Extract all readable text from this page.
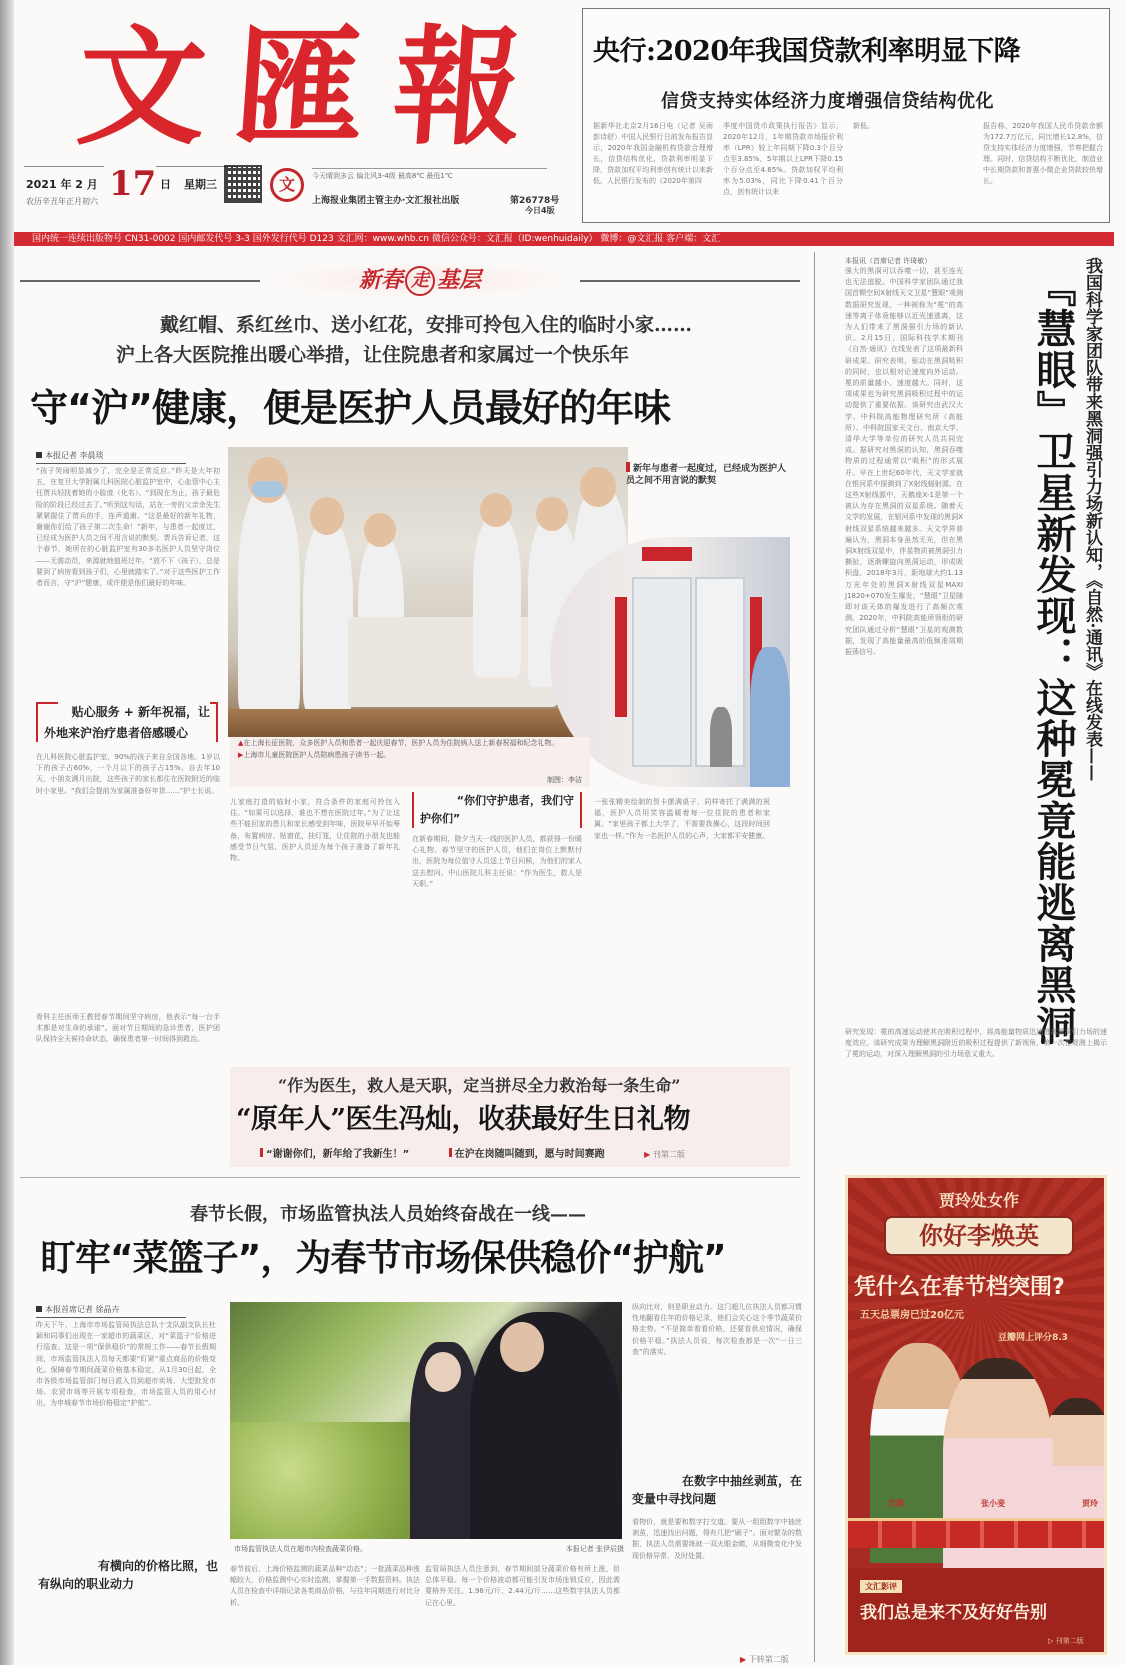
文 匯 報
2021 年 2 月 17 日 星期三
农历辛丑年正月初六
文	今天晴到多云 偏北风3-4级 最高8℃ 最低1℃
上海报业集团主管主办·文汇报社出版	第26778号
今日4版
央行:2020年我国贷款利率明显下降
信贷支持实体经济力度增强信贷结构优化

据新华社北京2月16日电（记者 吴雨 彭诗舒）中国人民银行日前发布报告显示，2020年我国金融机构贷款合理增长，信贷结构优化，贷款利率明显下降，贷款加权平均利率创有统计以来新低。人民银行发布的《2020年第四

季度中国货币政策执行报告》显示，2020年12月，1年期贷款市场报价利率（LPR）较上年同期下降0.3个百分点至3.85%，5年期以上LPR下降0.15个百分点至4.65%。贷款加权平均利率为5.03%，同比下降0.41个百分点，创有统计以来

新低。	报告称，2020年我国人民币贷款余额为172.7万亿元，同比增长12.8%，信贷支持实体经济力度增强，节奏把握合理。同时，信贷结构不断优化，制造业中长期贷款和普惠小微企业贷款较快增长。

国内统一连续出版物号 CN31-0002 国内邮发代号 3-3 国外发行代号 D123 文汇网：www.whb.cn 微信公众号：文汇报（ID:wenhuidaily） 微博：@文汇报 客户端：文汇
新春 走 基层
戴红帽、系红丝巾、送小红花，安排可拎包入住的临时小家……
沪上各大医院推出暖心举措，让住院患者和家属过一个快乐年
守“沪”健康，便是医护人员最好的年味
本报记者 李晨琰

“孩子哭闹明显减少了，完全是正常反应。”昨天是大年初五，在复旦大学附属儿科医院心脏监护室中，心血管中心主任贾兵轻抚着她的小脸庞（化名）。“到现在为止，孩子最危险的阶段已经过去了。”听到这句话，站在一旁的父亲余先生紧紧握住了贾兵的手，连声道谢。“这是最好的新年礼物，谢谢你们给了孩子第二次生命！”新年，与患者一起度过，已经成为医护人员之间不用言说的默契。贾兵告诉记者，这个春节，她所在的心脏监护室有30多名医护人员坚守岗位——无需动员，来源就地值班过年。“放不下（孩子），总是要到了病房看到孩子们，心里就踏实了。”对于这些医护工作者而言，守“沪”健康，或许便是他们最好的年味。

新年与患者一起度过，已经成为医护人员之间不用言说的默契

▲在上海长征医院，众多医护人员和患者一起庆迎春节，医护人员为住院病人送上新春祝福和纪念礼物。

▶上海市儿童医院医护人员陪病患孩子读书一起。

制图：李洁

贴心服务 + 新年祝福，让

外地来沪治疗患者倍感暖心

在儿科医院心脏监护室，90%的孩子来自全国各地。1岁以下的孩子占60%，一个月以下的孩子占15%。自去年10天，小朋友满月出院，这些孩子的家长都住在医院附近的临时小家里。“我们会提前为家属准备好年货……”护士长说。

骨科主任医师王教授春节期间坚守病房，他表示“每一台手术都是对生命的承诺”。面对节日期间的急诊患者，医护团队保持全天候待命状态，确保患者第一时间得到救治。

儿家庭打造的临时小家，符合条件的家庭可拎包入住。“如果可以选择，谁也不想在医院过年。”为了让这些不能回家的患儿和家长感受到年味，医院早早开始筹备，布置病房、贴窗花、挂灯笼，让住院的小朋友也能感受节日气氛，医护人员还为每个孩子准备了新年礼物。

“你们守护患者，我们守

护你们”

在新春期间，除夕当天一线的医护人员，都获得一份暖心礼物。春节坚守的医护人员，他们在岗位上默默付出，医院为每位值守人员送上节日问候，为他们的家人送去慰问。中山医院儿科主任说：“作为医生，救人是天职。”

一张张精美绘制的贺卡摆满桌子，同样寄托了满满的祝福，医护人员用笑容温暖着每一位住院的患者和家属。“家里孩子都上大学了，不需要我操心，这段时间回家也一样。”作为一名医护人员的心声，大家都平安健康。

“作为医生，救人是天职，定当拼尽全力救治每一条生命”
“原年人”医生冯灿，收获最好生日礼物
“谢谢你们，新年给了我新生！”	在沪在岗随叫随到，愿与时间赛跑	▶ 刊第二版
春节长假，市场监管执法人员始终奋战在一线——
盯牢“菜篮子”，为春节市场保供稳价“护航”
本报首席记者 徐晶卉

昨天下午，上海市市场监管局执法总队十支队副支队长杜颖和同事们出现在一家超市的蔬菜区，对“菜篮子”价格进行巡查。这是一项“保供稳价”的常规工作——春节长假期间，市场监管执法人员每天都要“盯紧”重点商品的价格变化。保障春节期间蔬菜价格基本稳定，从1月30日起，全市各级市场监管部门每日派人员到超市卖场、大型批发市场、农贸市场等开展专项检查，市场监管人员的用心付出，为申城春节市场价格稳定“护航”。

市场监管执法人员在超市内检查蔬菜价格。	本报记者 张伊辰摄

有横向的价格比照，也

有纵向的职业动力

春节前后，上海价格监测的蔬菜品种“动态”；一批蔬菜品种涨幅较大，价格监测中心实时监测，掌握第一手数据资料。执法人员在检查中详细记录各类商品价格，与往年同期进行对比分析。

监管局执法人员注意到，春节期间部分蔬菜价格有所上涨，但总体平稳。每一个价格波动都可能引发市场连锁反应，因此需要格外关注。1.98元/斤、2.44元/斤……这些数字执法人员都记在心里。

纵向比对，则是职业动力。这门超儿位执法人员都习惯性地翻看往年的价格记录，他们会关心这个季节蔬菜价格走势。“不是简单看看价格，还要看供应情况，确保价格平稳。”执法人员说，每次检查都是一次“一日三查”的落实。

在数字中抽丝剥茧，在

变量中寻找问题

看物价，就是要和数字打交道。要从一组组数字中抽丝剥茧，迅速找出问题，得有几把“刷子”。面对繁杂的数据，执法人员需要练就一双火眼金睛，从细微变化中发现价格异常，及时处置。

▶ 下转第二版
本报讯（首席记者 许琦敏）

强大的黑洞可以吞噬一切，甚至连光也无法逃脱。中国科学家团队通过我国首颗空间X射线天文卫星“慧眼”观测数据研究发现，一种被称为“冕”的高速等离子体竟能够以近光速逃离，这为人们带来了黑洞强引力场的新认识。2月15日，国际科技学术期刊《自然·通讯》在线发表了这项最新科研成果。研究表明，驱动在黑洞吸积的同时，也以相对论速度向外运动。冕的质量越小、速度越大。同时，这项成果也为研究黑洞吸积过程中的运动提供了重要依据。该研究由武汉大学、中科院高能物理研究所（高能所）、中科院国家天文台、南京大学、清华大学等单位的研究人员共同完成。据研究对黑洞的认知，黑洞吞噬物质的过程通常以“吸积”的形式展开。早在上世纪60年代，天文学家就在银河系中探测到了X射线辐射源。在这些X射线源中，天鹅座X-1是第一个被认为存在黑洞的双星系统。随着天文学的发展，在银河系中发现的黑洞X射线双星系统越来越多。天文学界普遍认为，黑洞本身虽然无光，但在黑洞X射线双星中，伴星物质被黑洞引力撕扯，逐渐螺旋向黑洞运动，形成吸积盘。2018年3月，距地球大约1.13万光年处的黑洞X射线双星MAXI J1820+070发生爆发，“慧眼”卫星随即对该天体的爆发进行了高频次观测。2020年，中科院高能所领衔的研究团队通过分析“慧眼”卫星的观测数据，发现了高能量最高的低频准周期振荡信号。	『慧眼』卫星新发现：这种冕竟能逃离黑洞 我国科学家团队带来黑洞强引力场新认知，《自然·通讯》在线发表——

研究发现：冕的高速运动使其在吸积过程中，将高能量物质迅速逃离黑洞引力场的速度效应。该研究成果为理解黑洞附近的吸积过程提供了新视角，第一次在观测上揭示了冕的运动，对深入理解黑洞的引力场意义重大。

贾玲处女作
你好李焕英
凭什么在春节档突围?
五天总票房已过20亿元
豆瓣网上评分8.3
沈腾	张小斐	贾玲
文汇影评
我们总是来不及好好告别
▷ 刊第二版
